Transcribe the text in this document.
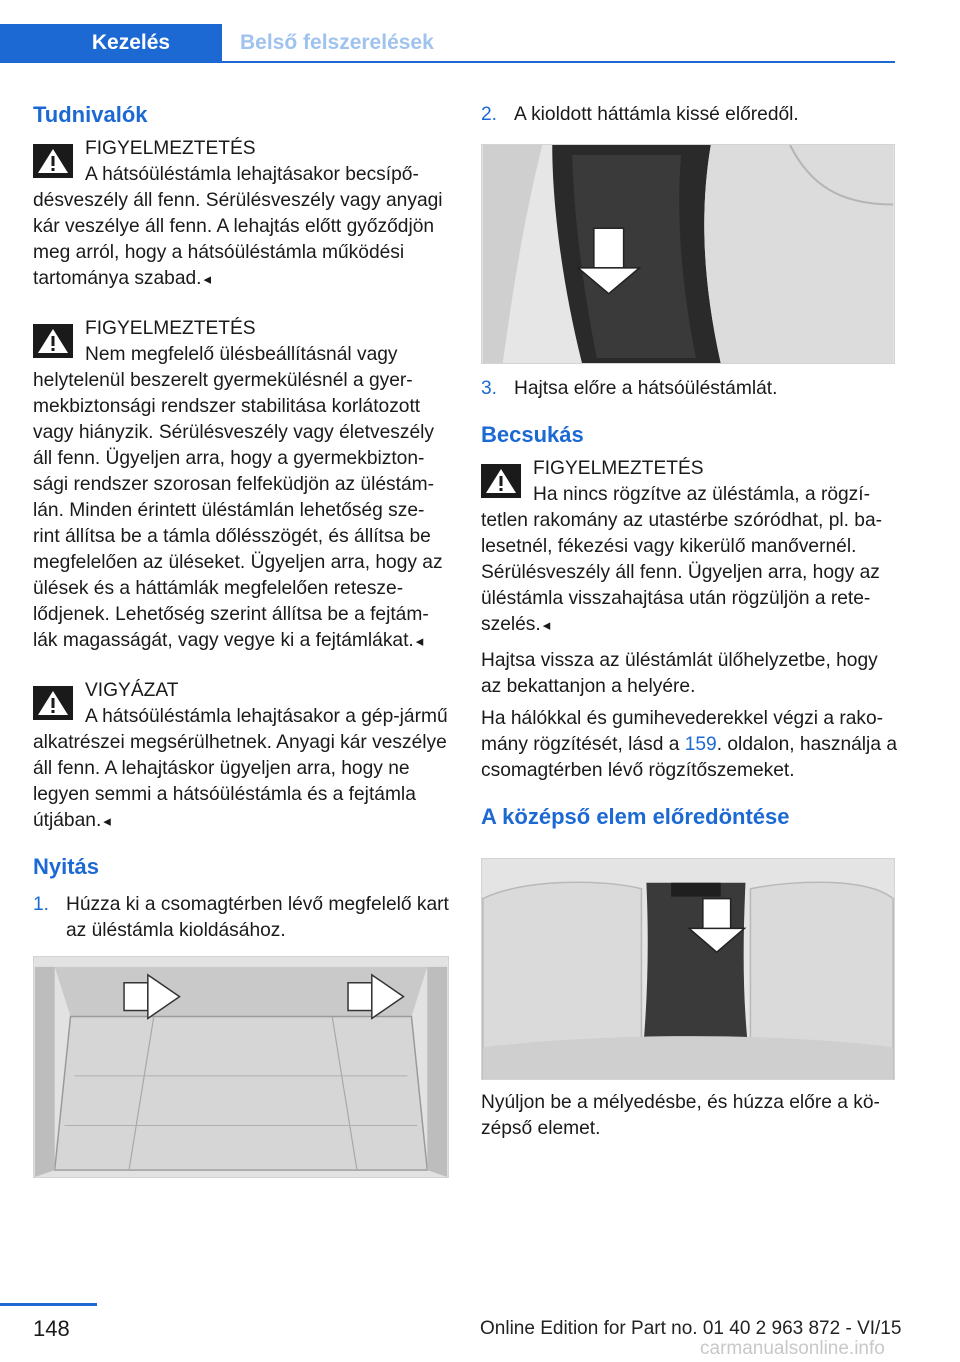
Kezelés	Belső felszerelések
Tudnivalók
FIGYELMEZTETÉS
A hátsóüléstámla lehajtásakor becsípő-désveszély áll fenn. Sérülésveszély vagy anyagi kár veszélye áll fenn. A lehajtás előtt győződjön meg arról, hogy a hátsóüléstámla működési tartománya szabad. ◂
FIGYELMEZTETÉS
Nem megfelelő ülésbeállításnál vagy helytelenül beszerelt gyermekülésnél a gyer-mekbiztonsági rendszer stabilitása korlátozott vagy hiányzik. Sérülésveszély vagy életveszély áll fenn. Ügyeljen arra, hogy a gyermekbizton-sági rendszer szorosan felfeküdjön az üléstám-lán. Minden érintett üléstámlán lehetőség sze-rint állítsa be a támla dőlésszögét, és állítsa be megfelelően az üléseket. Ügyeljen arra, hogy az ülések és a háttámlák megfelelően retesze-lődjenek. Lehetőség szerint állítsa be a fejtám-lák magasságát, vagy vegye ki a fejtámlákat. ◂
VIGYÁZAT
A hátsóüléstámla lehajtásakor a gép-jármű alkatrészei megsérülhetnek. Anyagi kár veszélye áll fenn. A lehajtáskor ügyeljen arra, hogy ne legyen semmi a hátsóüléstámla és a fejtámla útjában. ◂
Nyitás
1. Húzza ki a csomagtérben lévő megfelelő kart az üléstámla kioldásához.
2. A kioldott háttámla kissé előredől.
3. Hajtsa előre a hátsóüléstámlát.
Becsukás
FIGYELMEZTETÉS
Ha nincs rögzítve az üléstámla, a rögzí-tetlen rakomány az utastérbe szóródhat, pl. ba-lesetnél, fékezési vagy kikerülő manővernél. Sérülésveszély áll fenn. Ügyeljen arra, hogy az üléstámla visszahajtása után rögzüljön a rete-szelés. ◂

Hajtsa vissza az üléstámlát ülőhelyzetbe, hogy az bekattanjon a helyére.

Ha hálókkal és gumihevederekkel végzi a rako-mány rögzítését, lásd a 159. oldalon, használja a csomagtérben lévő rögzítőszemeket.

A középső elem előredöntése

Nyúljon be a mélyedésbe, és húzza előre a kö-zépső elemet.

148	Online Edition for Part no. 01 40 2 963 872 - VI/15
carmanualsonline.info
